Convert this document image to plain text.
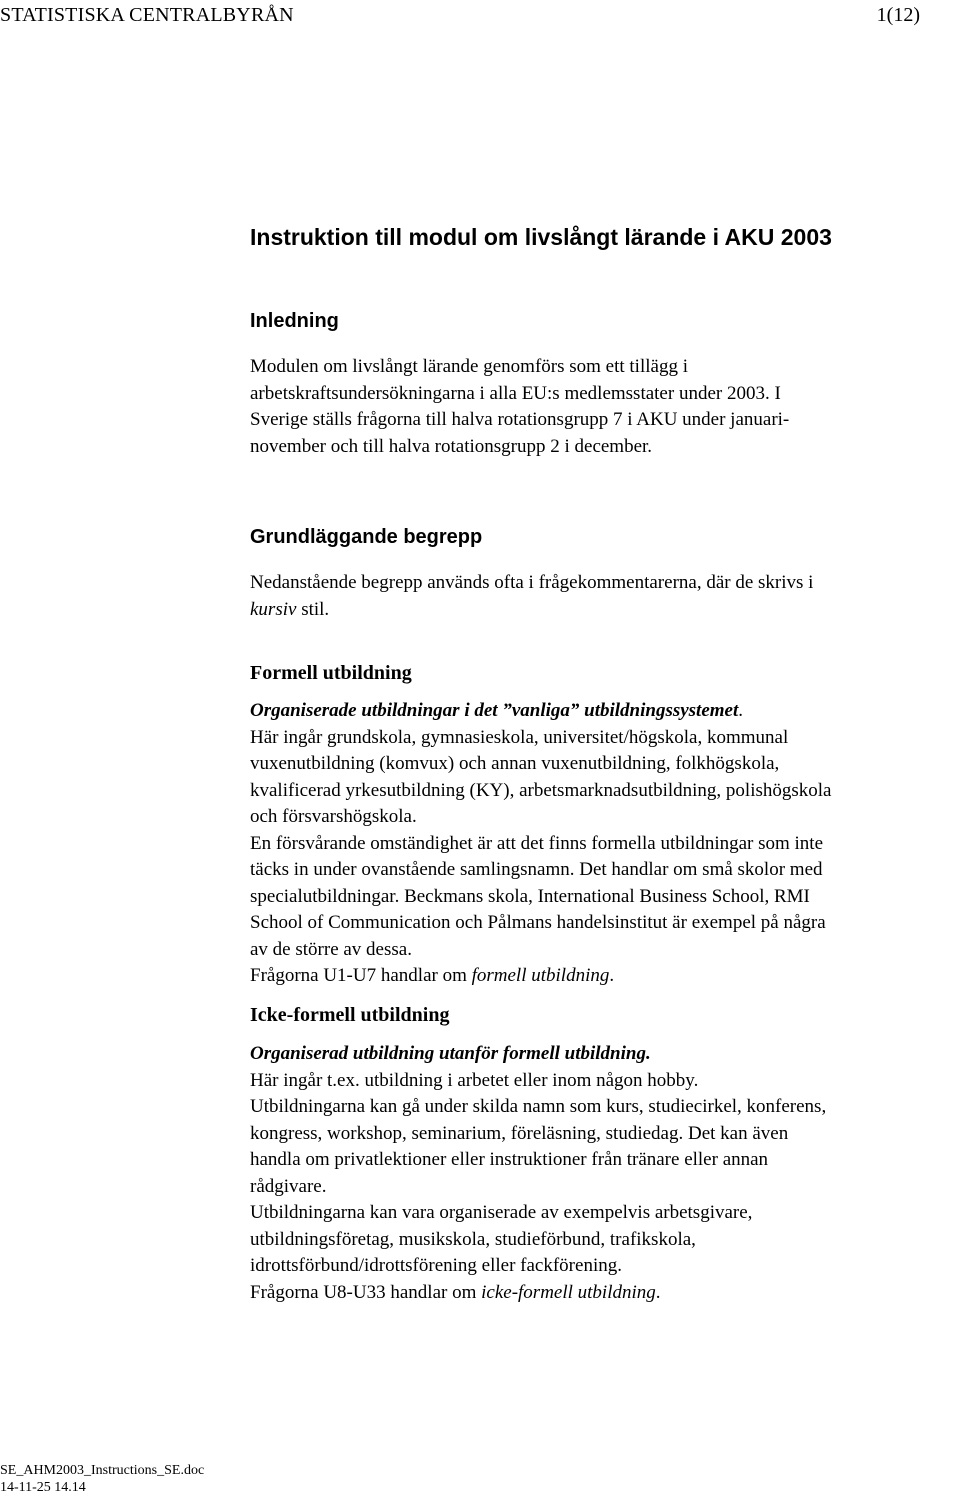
STATISTISKA CENTRALBYRÅN	1(12)
Instruktion till modul om livslångt lärande i AKU 2003
Inledning

Modulen om livslångt lärande genomförs som ett tillägg i

arbetskraftsundersökningarna i alla EU:s medlemsstater under 2003. I

Sverige ställs frågorna till halva rotationsgrupp 7 i AKU under januari-

november och till halva rotationsgrupp 2 i december.

Grundläggande begrepp

Nedanstående begrepp används ofta i frågekommentarerna, där de skrivs i

kursiv stil.

Formell utbildning

Organiserade utbildningar i det ”vanliga” utbildningssystemet.

Här ingår grundskola, gymnasieskola, universitet/högskola, kommunal

vuxenutbildning (komvux) och annan vuxenutbildning, folkhögskola,

kvalificerad yrkesutbildning (KY), arbetsmarknadsutbildning, polishögskola

och försvarshögskola.

En försvårande omständighet är att det finns formella utbildningar som inte

täcks in under ovanstående samlingsnamn. Det handlar om små skolor med

specialutbildningar. Beckmans skola, International Business School, RMI

School of Communication och Pålmans handelsinstitut är exempel på några

av de större av dessa.

Frågorna U1-U7 handlar om formell utbildning.

Icke-formell utbildning

Organiserad utbildning utanför formell utbildning.

Här ingår t.ex. utbildning i arbetet eller inom någon hobby.

Utbildningarna kan gå under skilda namn som kurs, studiecirkel, konferens,

kongress, workshop, seminarium, föreläsning, studiedag. Det kan även

handla om privatlektioner eller instruktioner från tränare eller annan

rådgivare.

Utbildningarna kan vara organiserade av exempelvis arbetsgivare,

utbildningsföretag, musikskola, studieförbund, trafikskola,

idrottsförbund/idrottsförening eller fackförening.

Frågorna U8-U33 handlar om icke-formell utbildning.

SE_AHM2003_Instructions_SE.doc
14-11-25 14.14
